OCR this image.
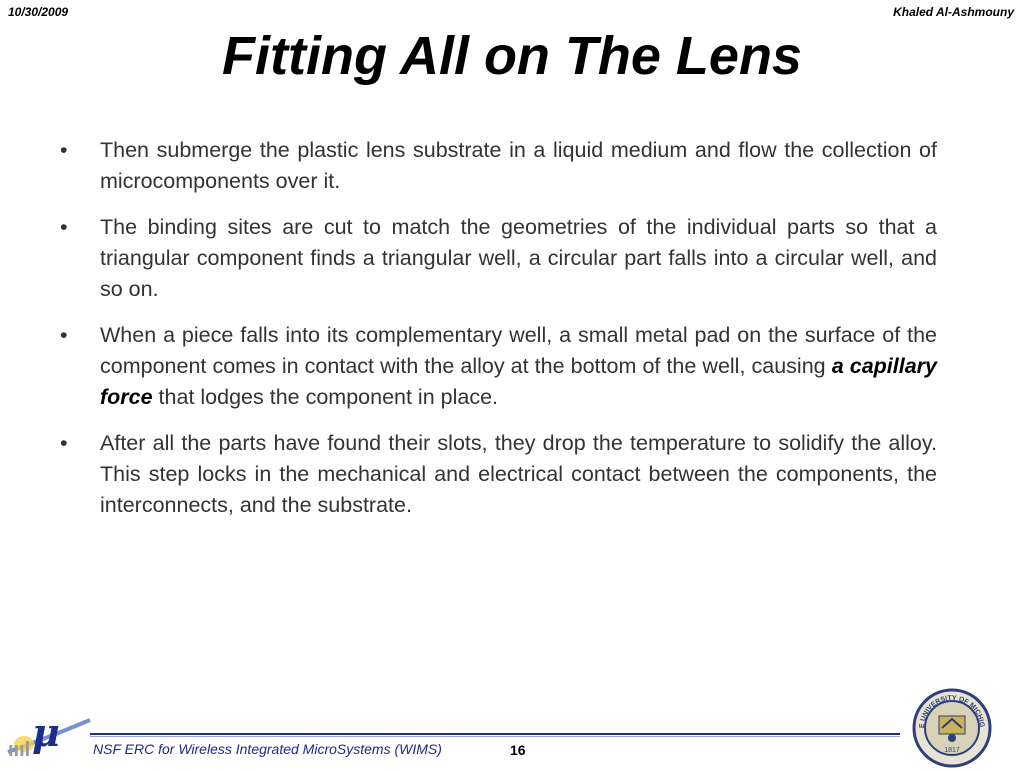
10/30/2009	Khaled Al-Ashmouny
Fitting All on The Lens
• Then submerge the plastic lens substrate in a liquid medium and flow the collection of microcomponents over it.
• The binding sites are cut to match the geometries of the individual parts so that a triangular component finds a triangular well, a circular part falls into a circular well, and so on.
• When a piece falls into its complementary well, a small metal pad on the surface of the component comes in contact with the alloy at the bottom of the well, causing a capillary force that lodges the component in place.
• After all the parts have found their slots, they drop the temperature to solidify the alloy. This step locks in the mechanical and electrical contact between the components, the interconnects, and the substrate.
ıııl μ NSF ERC for Wireless Integrated MicroSystems (WIMS)	16
E UNIVERSITY OF MICHIG
1817
